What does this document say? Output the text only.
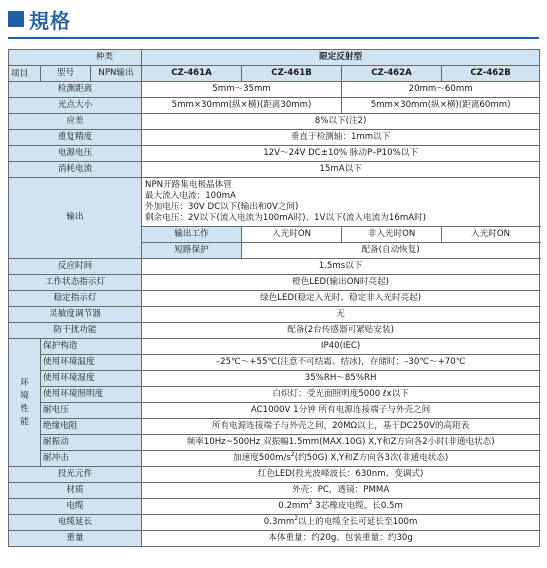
規格
种类			限定反射型				

项目	型号	NPN输出	CZ-461A	CZ-461B	CZ-462A	CZ-462B	
检测距离			5mm～35mm		20mm～60mm		
光点大小			5mm×30mm(纵×横)(距离30mm)		5mm×30mm(纵×横)(距离60mm)		
应差			8%以下(注2)				
重复精度			垂直于检测轴：1mm以下				
电源电压			12V～24V DC±10% 脉动P–P10%以下				
消耗电流			15mA以下				
输出			NPN开路集电极晶体管
最大流入电流：100mA
外加电压：30V DC以下(输出和0V之间)
剩余电压：2V以下(流入电流为100mA时)、1V以下(流入电流为16mA时)				

			输出工作	入光时ON	非入光时ON	入光时ON	
			短路保护	配备(自动恢复)			
反应时间			1.5ms以下				
工作状态指示灯			橙色LED(输出ON时亮起)				
稳定指示灯			绿色LED(稳定入光时、稳定非入光时亮起)				
灵敏度调节器			无				
防干扰功能			配备(2台传感器可紧贴安装)				
环境性能	保护构造		IP40(IEC)				
	使用环境温度		–25℃～+55℃(注意不可结霜、结冰)，存储时：–30℃～+70℃				
	使用环境湿度		35%RH～85%RH				
	使用环境照明度		白炽灯：受光面照明度5000 ℓx以下				
	耐电压		AC1000V 1分钟 所有电源连接端子与外壳之间				
	绝缘电阻		所有电源连接端子与外壳之间，20MΩ以上，基于DC250V的高阻表				
	耐振动		频率10Hz~500Hz 双振幅1.5mm(MAX.10G) X,Y和Z方向各2小时(非通电状态)				
	耐冲击		加速度$500m/s^2$(约50G) X,Y和Z方向各3次(非通电状态)				
投光元件			红色LED(投光波峰波长：630nm、变调式)				
材质			外壳：PC，透镜：PMMA				
电缆			$0.2mm^2$ 3芯橡皮电缆，长0.5m				
电缆延长			$0.3mm^2$以上的电缆全长可延长至100m				
重量			本体重量：约20g、包装重量：约30g				
